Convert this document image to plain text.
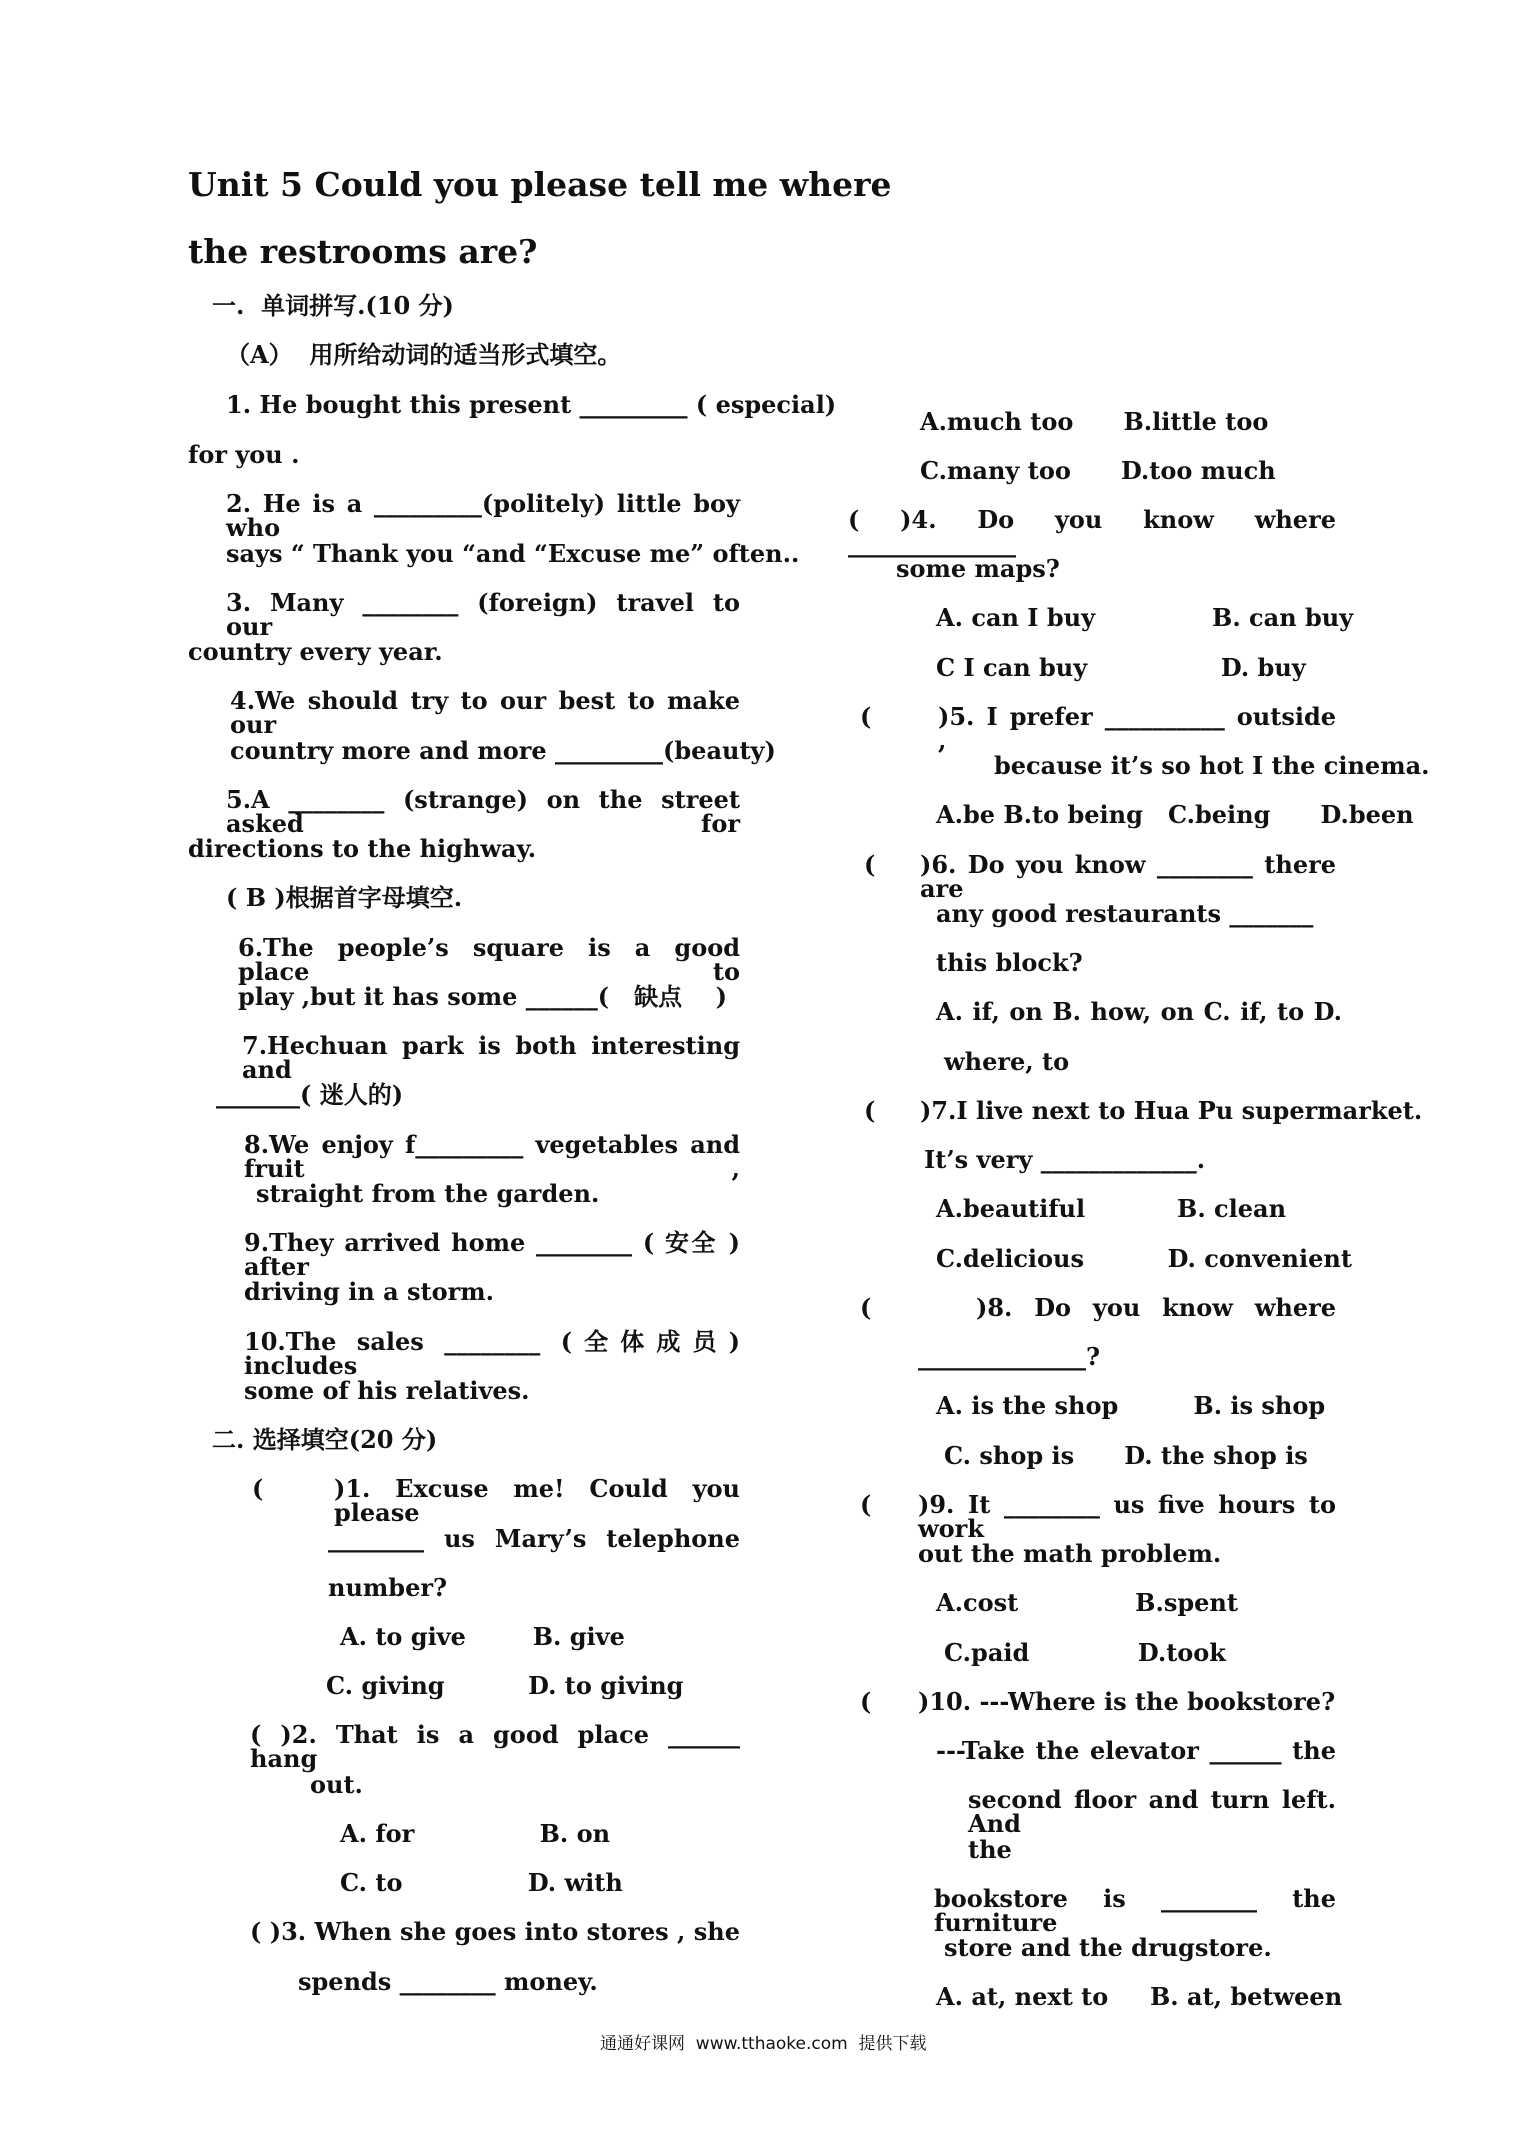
Unit 5 Could you please tell me where
the restrooms are?
一.  单词拼写.(10 分)
（A）  用所给动词的适当形式填空。
1. He bought this present _________ ( especial)
for you .
2. He is a _________(politely) little boy who
says “ Thank you “and “Excuse me” often..
3. Many ________ (foreign) travel to our
country every year.
4.We should try to our best to make our
country more and more _________(beauty)
5.A ________ (strange) on the street asked for
directions to the highway.
( B )根据首字母填空.
6.The people’s square is a good place to
play ,but it has some ______(   缺点    )
7.Hechuan park is both interesting and
_______( 迷人的)
8.We enjoy f_________ vegetables and fruit ,
straight from the garden.
9.They arrived home ________ ( 安全 ) after
driving in a storm.
10.The sales ________ (全体成员) includes
some of his relatives.
二. 选择填空(20 分)
(	)1. Excuse me! Could you please
________ us Mary’s telephone
number?
A. to give        B. give
C. giving          D. to giving
( )2. That is a good place ______ hang
out.
A. for               B. on
C. to               D. with
( )3. When she goes into stores , she
spends ________ money.
A.much too      B.little too
C.many too      D.too much
( )4. Do you know where ______________
some maps?
A. can I buy              B. can buy
C I can buy                D. buy
(	)5. I prefer __________ outside ,
because it’s so hot I the cinema.
A.be B.to being   C.being      D.been
( )6. Do you know ________ there are
any good restaurants _______
this block?
A. if, on B. how, on C. if, to D.
where, to
( )7.I live next to Hua Pu supermarket.
It’s very _____________.
A.beautiful           B. clean
C.delicious          D. convenient
(	)8. Do you know where
______________?
A. is the shop         B. is shop
C. shop is      D. the shop is
( )9. It ________ us five hours to work
out the math problem.
A.cost              B.spent
C.paid             D.took
( )10. ---Where is the bookstore?
---Take the elevator ______ the
second floor and turn left. And
the
bookstore is ________ the furniture
store and the drugstore.
A. at, next to     B. at, between
通通好课网  www.tthaoke.com  提供下载
